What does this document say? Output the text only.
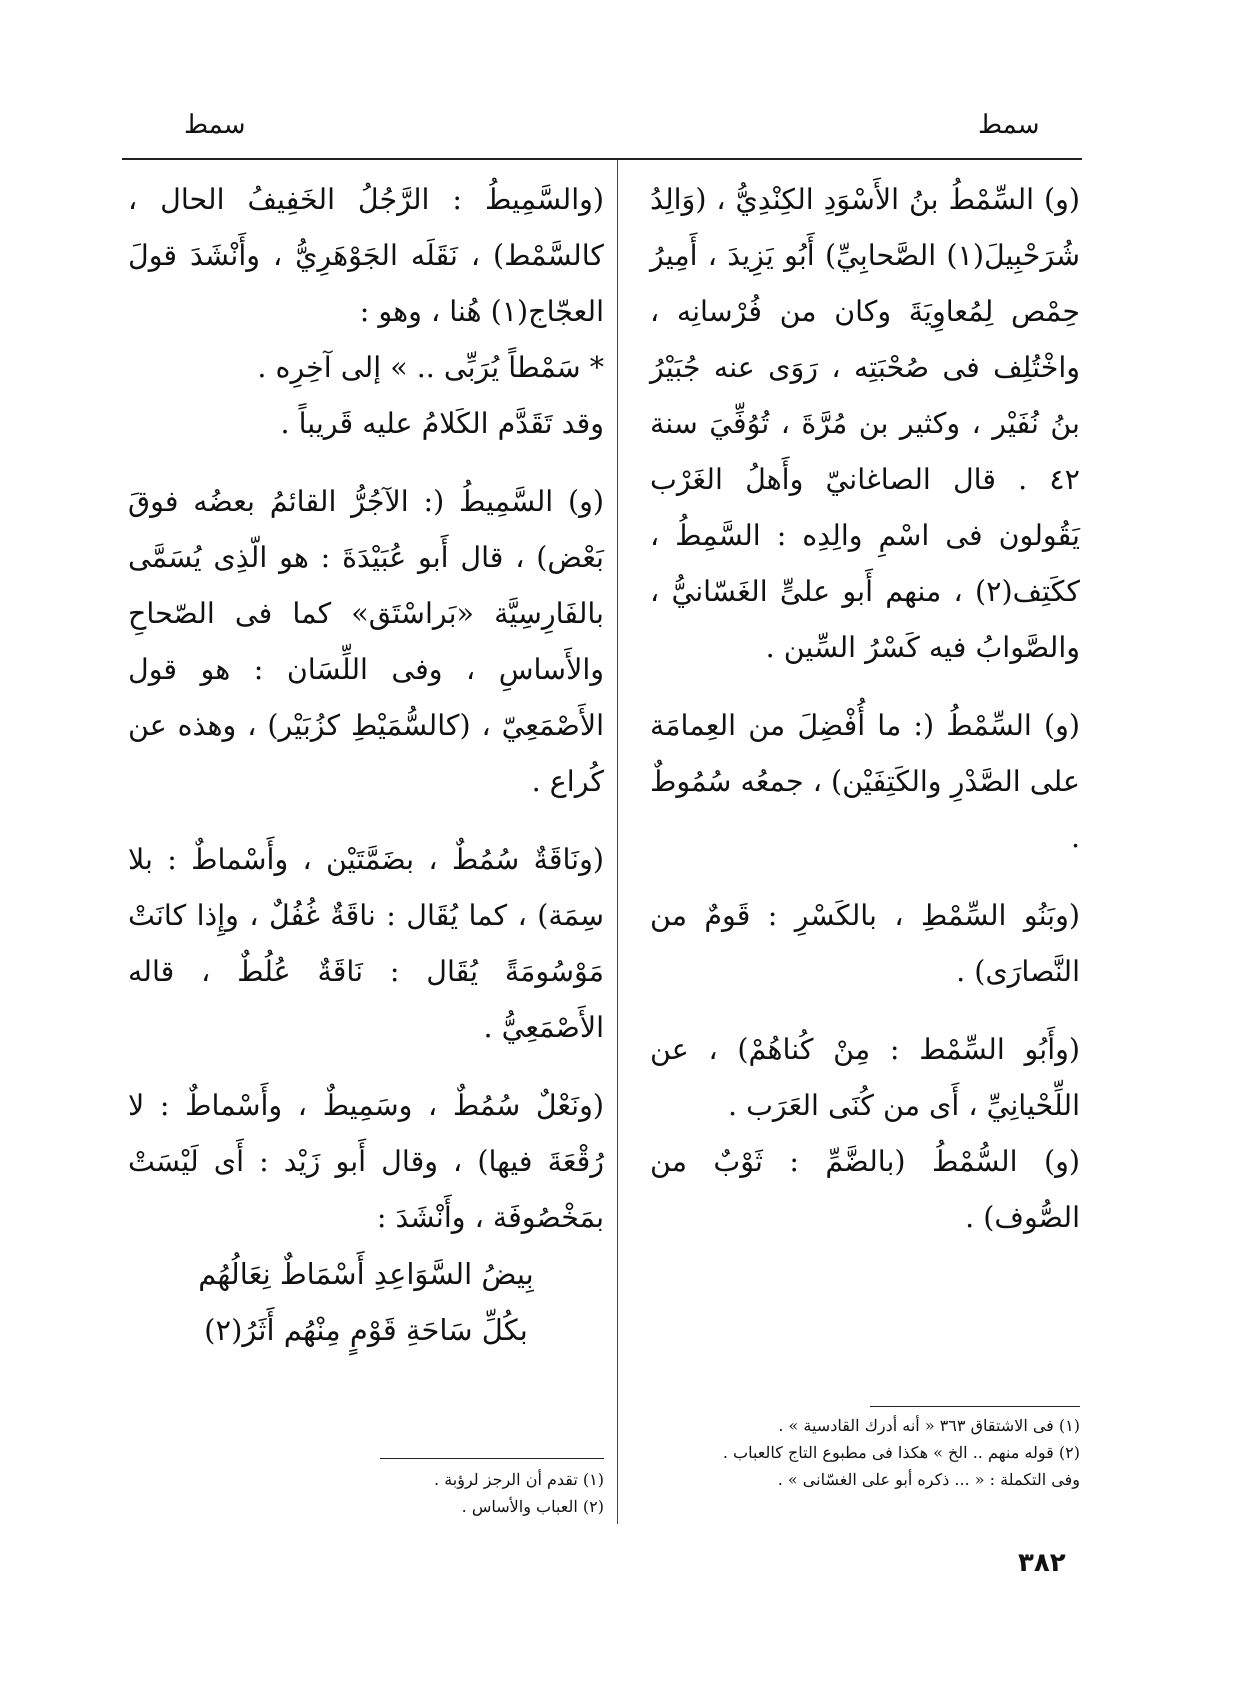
سمط
سمط

(و) السِّمْطُ بنُ الأَسْوَدِ الكِنْدِيُّ ، (وَالِدُ شُرَحْبِيلَ(١) الصَّحابِيِّ) أَبُو يَزِيدَ ، أَمِيرُ حِمْص لِمُعاوِيَةَ وكان من فُرْسانِه ، واخْتُلِف فى صُحْبَتِه ، رَوَى عنه جُبَيْرُ بنُ نُفَيْر ، وكثير بن مُرَّةَ ، تُوُفِّيَ سنة ٤٢ . قال الصاغانيّ وأَهلُ الغَرْب يَقُولون فى اسْمِ والِدِه : السَّمِطُ ، ككَتِف(٢) ، منهم أَبو علىٍّ الغَسّانيُّ ، والصَّوابُ فيه كَسْرُ السِّين .

(و) السِّمْطُ (: ما أُفْضِلَ من العِمامَة على الصَّدْرِ والكَتِفَيْن) ، جمعُه سُمُوطٌ .

(وبَنُو السِّمْطِ ، بالكَسْرِ : قَومٌ من النَّصارَى) .

(وأَبُو السِّمْط : مِنْ كُناهُمْ) ، عن اللِّحْيانِيِّ ، أَى من كُنَى العَرَب .

(و) السُّمْطُ (بالضَّمِّ : ثَوْبٌ من الصُّوف) .

(والسَّمِيطُ : الرَّجُلُ الخَفِيفُ الحال ، كالسَّمْط) ، نَقَلَه الجَوْهَرِيُّ ، وأَنْشَدَ قولَ العجّاج(١) هُنا ، وهو :

* سَمْطاً يُرَبِّى .. » إلى آخِرِه .

وقد تَقَدَّم الكَلامُ عليه قَريباً .

(و) السَّمِيطُ (: الآجُرُّ القائمُ بعضُه فوقَ بَعْض) ، قال أَبو عُبَيْدَةَ : هو الّذِى يُسَمَّى بالفَارِسِيَّة «بَراسْتَق» كما فى الصّحاحِ والأَساسِ ، وفى اللِّسَان : هو قول الأَصْمَعِيّ ، (كالسُّمَيْطِ كزُبَيْر) ، وهذه عن كُراع .

(ونَاقَةٌ سُمُطٌ ، بضَمَّتَيْن ، وأَسْماطٌ : بلا سِمَة) ، كما يُقَال : ناقَةٌ غُفُلٌ ، وإِذا كانَتْ مَوْسُومَةً يُقَال : نَاقَةٌ عُلُطٌ ، قاله الأَصْمَعِيُّ .

(ونَعْلٌ سُمُطٌ ، وسَمِيطٌ ، وأَسْماطٌ : لا رُقْعَةَ فيها) ، وقال أَبو زَيْد : أَى لَيْسَتْ بمَخْصُوفَة ، وأَنْشَدَ :

بِيضُ السَّوَاعِدِ أَسْمَاطٌ نِعَالُهُم

بكُلِّ سَاحَةِ قَوْمٍ مِنْهُم أَثَرُ(٢)

(١) فى الاشتقاق ٣٦٣ « أنه أدرك القادسية » .

(٢) قوله منهم .. الخ » هكذا فى مطبوع التاج كالعباب .

وفى التكملة : « ... ذكره أبو على الغسّانى » .

(١) تقدم أن الرجز لرؤبة .

(٢) العباب والأساس .

٣٨٢
